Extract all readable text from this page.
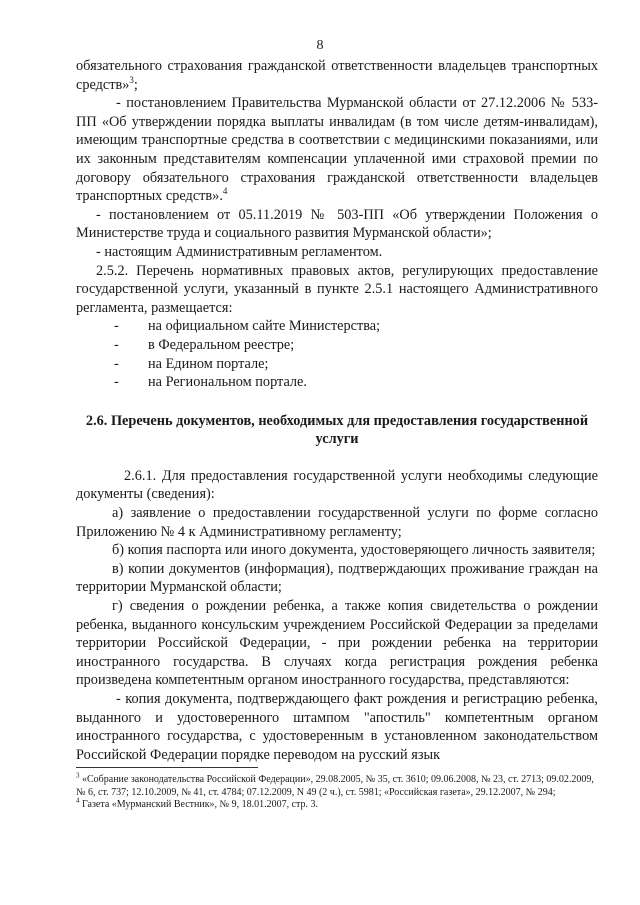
8

обязательного страхования гражданской ответственности владельцев транспортных средств»$^3$;

- постановлением Правительства Мурманской области от 27.12.2006 № 533-ПП «Об утверждении порядка выплаты инвалидам (в том числе детям-инвалидам), имеющим транспортные средства в соответствии с медицинскими показаниями, или их законным представителям компенсации уплаченной ими страховой премии по договору обязательного страхования гражданской ответственности владельцев транспортных средств».$^4$

- постановлением от 05.11.2019 № 503-ПП «Об утверждении Положения о Министерстве труда и социального развития Мурманской области»;

- настоящим Административным регламентом.

2.5.2. Перечень нормативных правовых актов, регулирующих предоставление государственной услуги, указанный в пункте 2.5.1 настоящего Административного регламента, размещается:

-	на официальном сайте Министерства;
-	в Федеральном реестре;
-	на Едином портале;
-	на Региональном портале.

2.6. Перечень документов, необходимых для предоставления государственной услуги

2.6.1. Для предоставления государственной услуги необходимы следующие документы (сведения):

а) заявление о предоставлении государственной услуги по форме согласно Приложению № 4 к Административному регламенту;

б) копия паспорта или иного документа, удостоверяющего личность заявителя;

в) копии документов (информация), подтверждающих проживание граждан на территории Мурманской области;

г) сведения о рождении ребенка, а также копия свидетельства о рождении ребенка, выданного консульским учреждением Российской Федерации за пределами территории Российской Федерации, - при рождении ребенка на территории иностранного государства. В случаях когда регистрация рождения ребенка произведена компетентным органом иностранного государства, представляются:

- копия документа, подтверждающего факт рождения и регистрацию ребенка, выданного и удостоверенного штампом "апостиль" компетентным органом иностранного государства, с удостоверенным в установленном законодательством Российской Федерации порядке переводом на русский язык

$^3$ «Собрание законодательства Российской Федерации», 29.08.2005, № 35, ст. 3610; 09.06.2008, № 23, ст. 2713; 09.02.2009, № 6, ст. 737; 12.10.2009, № 41, ст. 4784; 07.12.2009, N 49 (2 ч.), ст. 5981; «Российская газета», 29.12.2007, № 294;

$^4$ Газета «Мурманский Вестник», № 9, 18.01.2007, стр. 3.
